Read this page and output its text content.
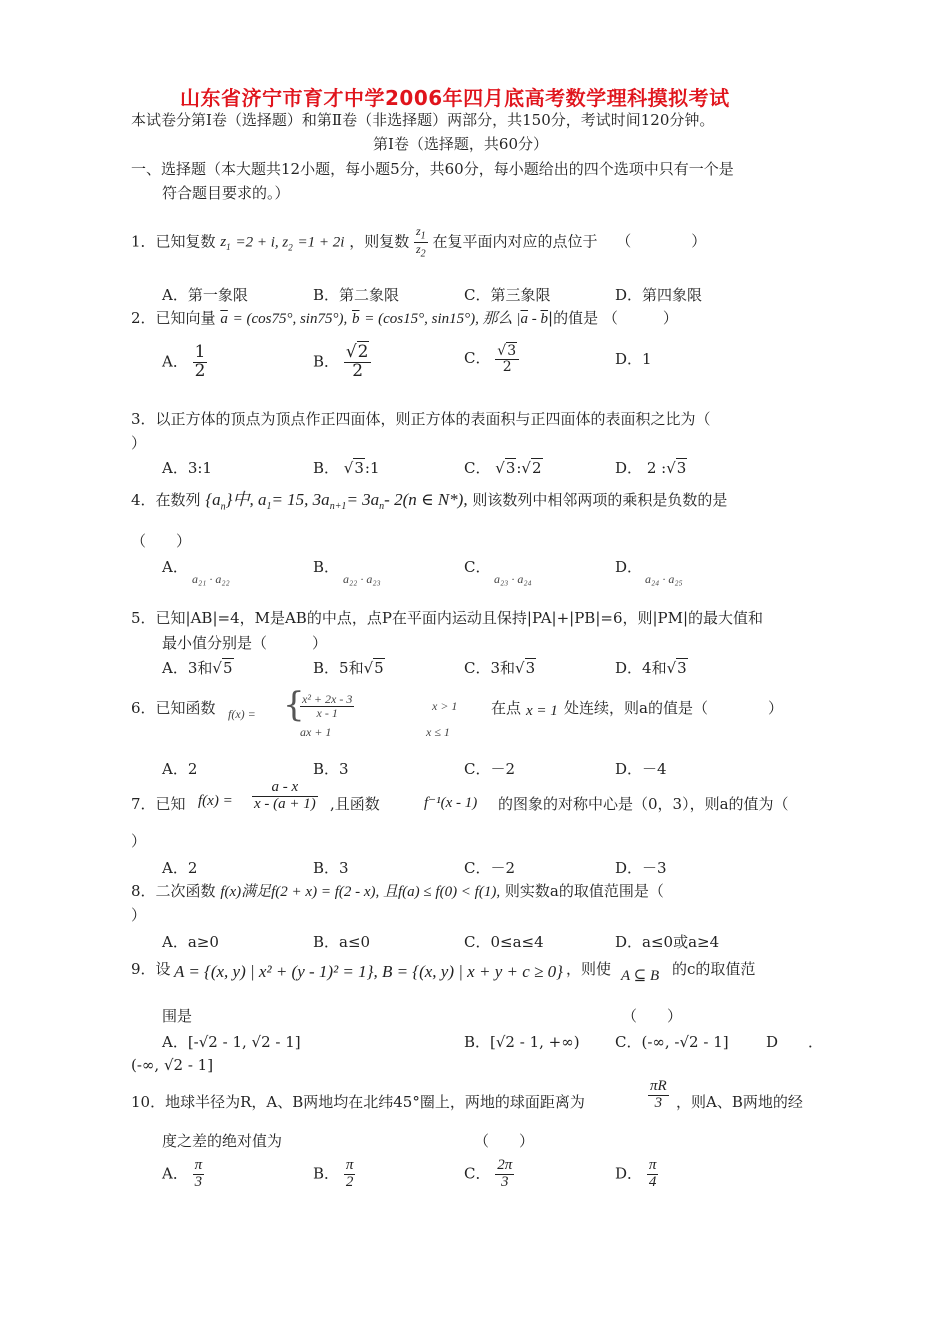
山东省济宁市育才中学2006年四月底高考数学理科摸拟考试
本试卷分第Ⅰ卷（选择题）和第Ⅱ卷（非选择题）两部分，共150分，考试时间120分钟。
第Ⅰ卷（选择题，共60分）
一、选择题（本大题共12小题，每小题5分，共60分，每小题给出的四个选项中只有一个是
符合题目要求的。）
1．已知复数 $z_1 =2 + i$, $z_2 =1 + 2i$ ，则复数 $\frac{z_1}{z_2}$ 在复平面内对应的点位于 （　　　　）
A．第一象限	B．第二象限	C．第三象限	D．第四象限
2．已知向量 $\overline{a} = (\cos 75^\circ$, sin75°), $\overline{b} = (\cos 15^\circ$, sin15°), 那么 $|\overline{a} - \overline{b}|$的值是 （　　　）
A． $\frac{1}{2}$	B． $\frac{√2}{2}$	C． $\frac{√3}{2}$	D．1
3．以正方体的顶点为顶点作正四面体，则正方体的表面积与正四面体的表面积之比为（
）
A．3:1	B． √3:1	C． √3:√2	D． 2 :√3
4．在数列 $\{a_n\}$中, $a_1= 15$, $3a_{n+1}= 3a_n-$ 2(n ∈ N*), 则该数列中相邻两项的乘积是负数的是
（　　）
A．
a₂₁ · a₂₂
B．
a₂₂ · a₂₃
C．
a₂₃ · a₂₄
D．
a₂₄ · a₂₅
5．已知|AB|=4，M是AB的中点，点P在平面内运动且保持|PA|+|PB|=6，则|PM|的最大值和
最小值分别是（　　　）
A．3和√5	B．5和√5	C．3和√3	D．4和√3
6．已知函数 f(x) = {
$\frac{\text{x² + 2x - 3}}{x - 1}$	x > 1
ax + 1	x ≤ 1
在点 x = 1 处连续，则a的值是（　　　　）
A．2	B．3	C．－2	D．－4
7．已知 $f(x) = \frac{a - x}{x - (a + 1)}$ ,且函数	f⁻¹(x - 1) 的图象的对称中心是（0，3），则a的值为（
）
A．2	B．3	C．－2	D．－3
8．二次函数 f(x)满足f(2 + x) = f(2 - x), 且f(a) ≤ f(0) < f(1), 则实数a的取值范围是（
）
A．a≥0	B．a≤0	C．0≤a≤4	D．a≤0或a≥4
9．设 A = {(x, y) | x² + (y - 1)² = 1}, B = {(x, y) | x + y + c ≥ 0} ，则使 A ⊆ B 的c的取值范
围是	（　　）
A．[-√2 - 1, √2 - 1]	B．[√2 - 1, +∞) C．(-∞, -√2 - 1] D　　．
(-∞, √2 - 1]
10．地球半径为R，A、B两地均在北纬45°圈上，两地的球面距离为	$\frac{\pi R}{3}$ ，则A、B两地的经
度之差的绝对值为	（　　）
A． $\frac{\pi}{3}$	B． $\frac{\pi}{2}$	C． $\frac{2\pi}{3}$	D． $\frac{\pi}{4}$
